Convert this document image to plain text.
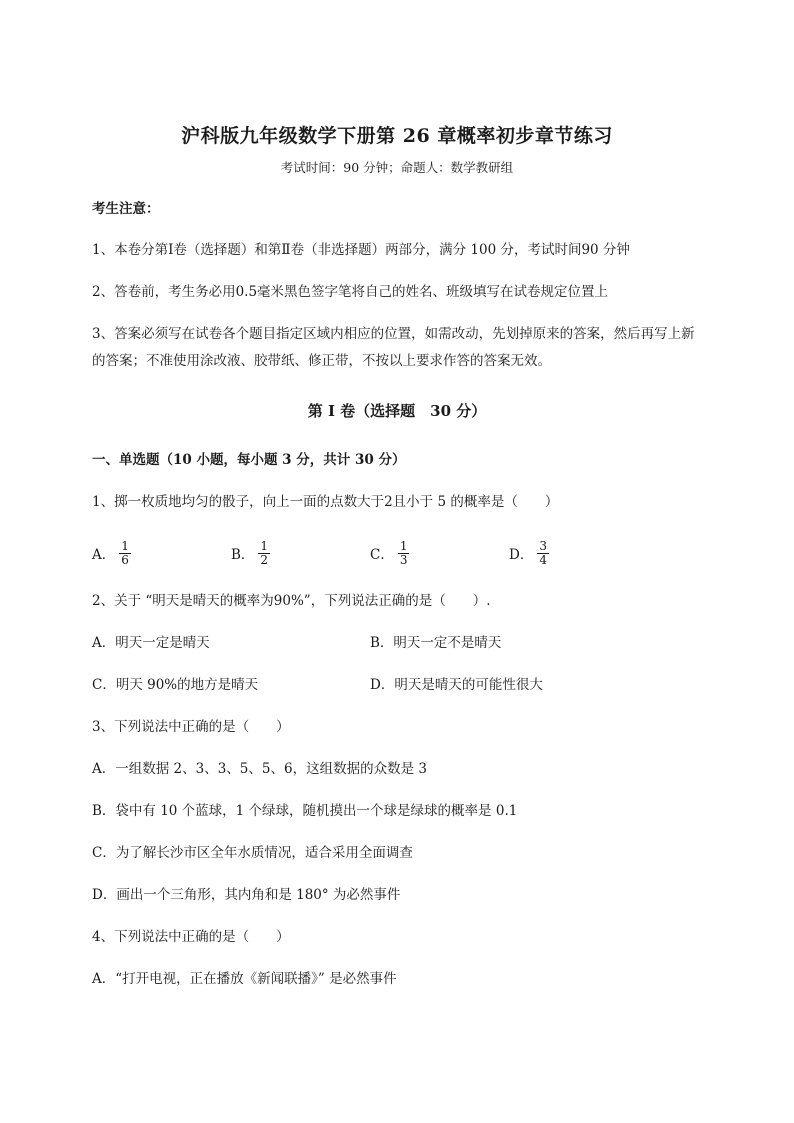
沪科版九年级数学下册第 26 章概率初步章节练习
考试时间：90 分钟；命题人：数学教研组
考生注意：
1、本卷分第I卷（选择题）和第Ⅱ卷（非选择题）两部分，满分 100 分，考试时间90 分钟
2、答卷前，考生务必用0.5毫米黑色签字笔将自己的姓名、班级填写在试卷规定位置上
3、答案必须写在试卷各个题目指定区域内相应的位置，如需改动，先划掉原来的答案，然后再写上新
的答案；不准使用涂改液、胶带纸、修正带，不按以上要求作答的答案无效。
第 I 卷（选择题　30 分）
一、单选题（10 小题，每小题 3 分，共计 30 分）
1、掷一枚质地均匀的骰子，向上一面的点数大于2且小于 5 的概率是（　　）
A． $\frac{1}{6}$	B． $\frac{1}{2}$	C． $\frac{1}{3}$	D． $\frac{3}{4}$
2、关于 “明天是晴天的概率为90%”，下列说法正确的是（　　）.
A．明天一定是晴天	B．明天一定不是晴天
C．明天 90%的地方是晴天	D．明天是晴天的可能性很大
3、下列说法中正确的是（　　）
A．一组数据 2、3、3、5、5、6，这组数据的众数是 3
B．袋中有 10 个蓝球，1 个绿球，随机摸出一个球是绿球的概率是 0.1
C．为了解长沙市区全年水质情况，适合采用全面调查
D．画出一个三角形，其内角和是 180° 为必然事件
4、下列说法中正确的是（　　）
A．“打开电视，正在播放《新闻联播》” 是必然事件
